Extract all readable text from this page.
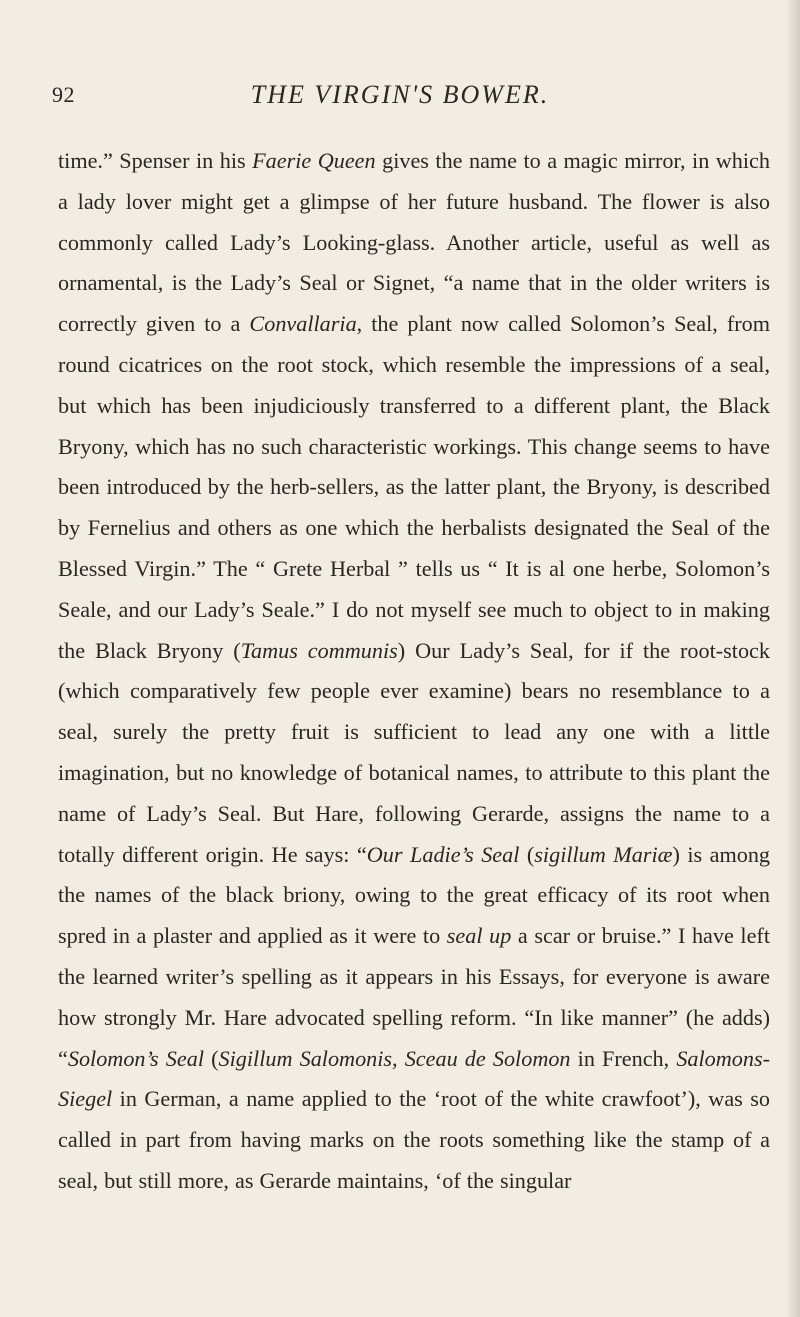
92	THE VIRGIN'S BOWER.

time.” Spenser in his Faerie Queen gives the name to a magic mirror, in which a lady lover might get a glimpse of her future husband. The flower is also commonly called Lady’s Looking-glass. Another article, useful as well as ornamental, is the Lady’s Seal or Signet, “a name that in the older writers is correctly given to a Convallaria, the plant now called Solomon’s Seal, from round cicatrices on the root stock, which resemble the impressions of a seal, but which has been injudiciously transferred to a different plant, the Black Bryony, which has no such characteristic workings. This change seems to have been introduced by the herb-sellers, as the latter plant, the Bryony, is described by Fernelius and others as one which the herbalists designated the Seal of the Blessed Virgin.” The “ Grete Herbal ” tells us “ It is al one herbe, Solomon’s Seale, and our Lady’s Seale.” I do not myself see much to object to in making the Black Bryony (Tamus communis) Our Lady’s Seal, for if the root-stock (which comparatively few people ever examine) bears no resemblance to a seal, surely the pretty fruit is sufficient to lead any one with a little imagination, but no knowledge of botanical names, to attribute to this plant the name of Lady’s Seal. But Hare, following Gerarde, assigns the name to a totally different origin. He says: “Our Ladie’s Seal (sigillum Mariæ) is among the names of the black briony, owing to the great efficacy of its root when spred in a plaster and applied as it were to seal up a scar or bruise.” I have left the learned writer’s spelling as it appears in his Essays, for everyone is aware how strongly Mr. Hare advocated spelling reform. “In like manner” (he adds) “Solomon’s Seal (Sigillum Salomonis, Sceau de Solomon in French, Salomons-Siegel in German, a name applied to the ‘root of the white crawfoot’), was so called in part from having marks on the roots something like the stamp of a seal, but still more, as Gerarde maintains, ‘of the singular
